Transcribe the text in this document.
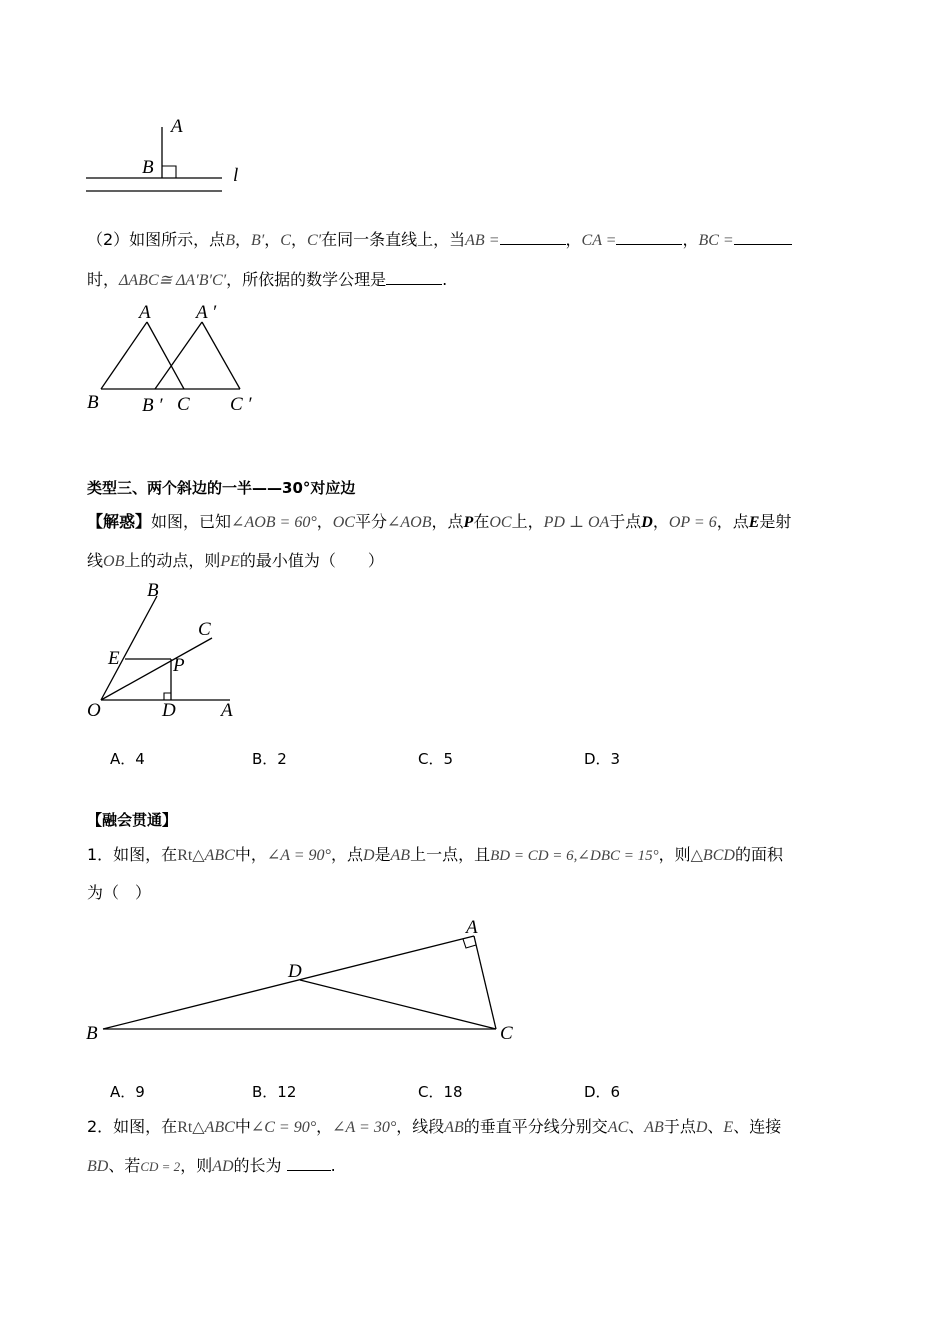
A
B	l
（2）如图所示，点B，B′，C，C′在同一条直线上，当AB =	，CA =	，BC =
时，ΔABC≅ ΔA′B′C′，所依据的数学公理是	.
A A ′
B B ′ C C ′
类型三、两个斜边的一半——30°对应边
【解惑】如图，已知∠AOB = 60°，OC平分∠AOB，点P在OC上，PD ⊥ OA于点D，OP = 6，点E是射
线OB上的动点，则PE的最小值为（　　）
B
C
E	P
O	D A
A．4	B．2	C．5	D．3
【融会贯通】
1．如图，在Rt△ABC中，∠A = 90°，点D是AB上一点，且BD = CD = 6,∠DBC = 15°，则△BCD的面积
为（　）
A
B	C
D
A．9	B．12	C．18	D．6
2．如图，在Rt△ABC中∠C = 90°，∠A = 30°，线段AB的垂直平分线分别交AC、AB于点D、E、连接
BD、若CD = 2，则AD的长为	.
